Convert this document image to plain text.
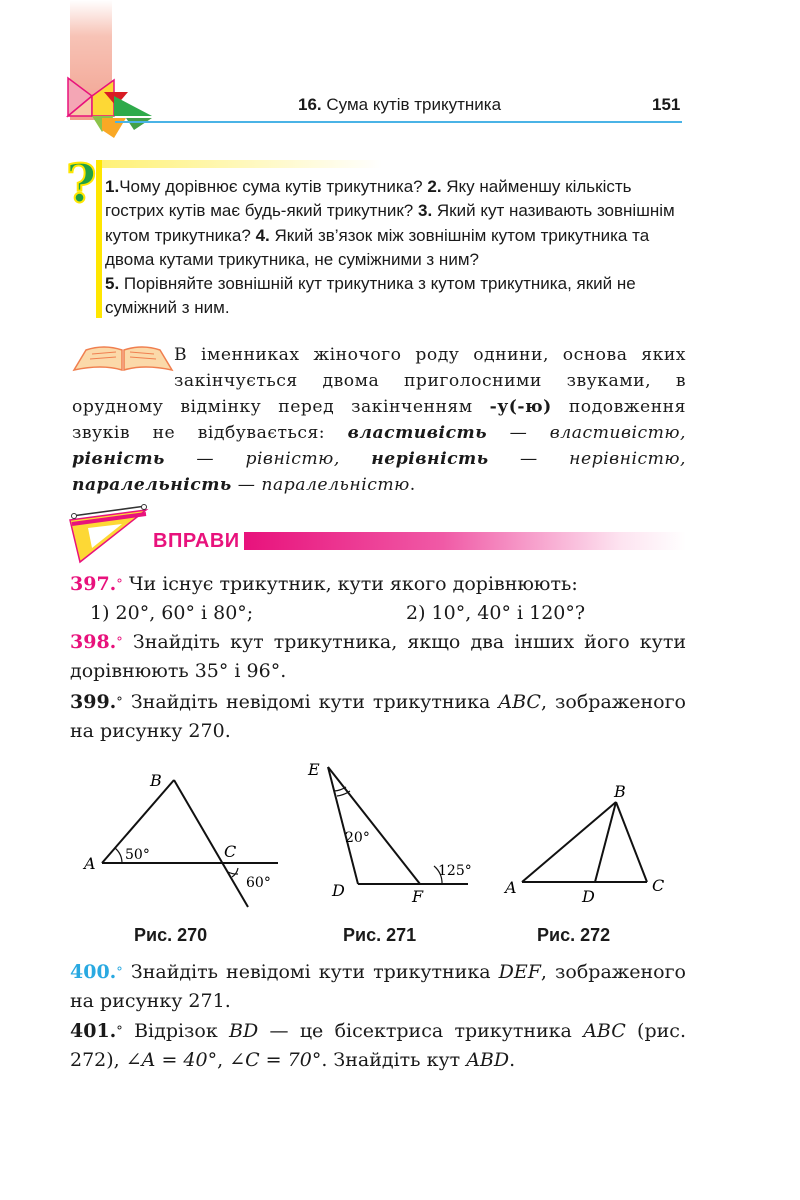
16. Сума кутів трикутника	151
? 1.Чому дорівнює сума кутів трикутника? 2. Яку найменшу кількість гострих кутів має будь-який трикутник? 3. Який кут називають зовнішнім кутом трикутника? 4. Який зв’язок між зовнішнім кутом трикутника та двома кутами трикутника, не суміжними з ним?
5. Порівняйте зовнішній кут трикутника з кутом трикутника, який не суміжний з ним.
В іменниках жіночого роду однини, основа яких закінчується двома приголосними звуками, в орудному відмінку перед закінченням -у(-ю) подовження звуків не відбувається: властивість — властивістю, рівність — рівністю, нерівність — нерівністю, паралельність — паралельністю.
ВПРАВИ
397.° Чи існує трикутник, кути якого дорівнюють:
1) 20°, 60° і 80°;	2) 10°, 40° і 120°?
398.° Знайдіть кут трикутника, якщо два інших його кути дорівнюють 35° і 96°.
399.° Знайдіть невідомі кути трикутника ABC, зображеного на рисунку 270.
A
B
C
50°
60°
E
D	F
20°
125°
A
B
C
D
Рис. 270	Рис. 271	Рис. 272
400.° Знайдіть невідомі кути трикутника DEF, зображеного на рисунку 271.
401.° Відрізок BD — це бісектриса трикутника ABC (рис. 272), ∠A = 40°, ∠C = 70°. Знайдіть кут ABD.
